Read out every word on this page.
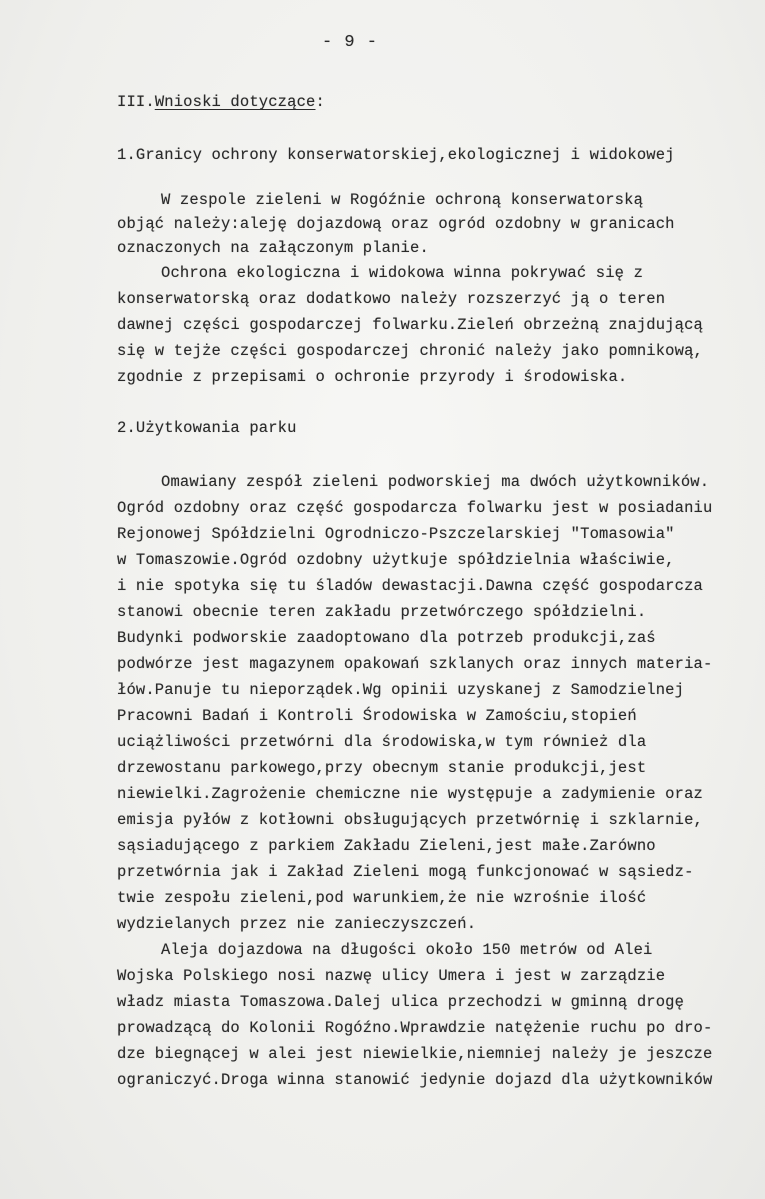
- 9 -
III.Wnioski dotyczące:
1.Granicy ochrony konserwatorskiej,ekologicznej i widokowej
W zespole zieleni w Rogóźnie ochroną konserwatorską
objąć należy:aleję dojazdową oraz ogród ozdobny w granicach
oznaczonych na załączonym planie.
Ochrona ekologiczna i widokowa winna pokrywać się z
konserwatorską oraz dodatkowo należy rozszerzyć ją o teren
dawnej części gospodarczej folwarku.Zieleń obrzeżną znajdującą
się w tejże części gospodarczej chronić należy jako pomnikową,
zgodnie z przepisami o ochronie przyrody i środowiska.
2.Użytkowania parku
Omawiany zespół zieleni podworskiej ma dwóch użytkowników.
Ogród ozdobny oraz część gospodarcza folwarku jest w posiadaniu
Rejonowej Spółdzielni Ogrodniczo-Pszczelarskiej "Tomasowia"
w Tomaszowie.Ogród ozdobny użytkuje spółdzielnia właściwie,
i nie spotyka się tu śladów dewastacji.Dawna część gospodarcza
stanowi obecnie teren zakładu przetwórczego spółdzielni.
Budynki podworskie zaadoptowano dla potrzeb produkcji,zaś
podwórze jest magazynem opakowań szklanych oraz innych materia-
łów.Panuje tu nieporządek.Wg opinii uzyskanej z Samodzielnej
Pracowni Badań i Kontroli Środowiska w Zamościu,stopień
uciążliwości przetwórni dla środowiska,w tym również dla
drzewostanu parkowego,przy obecnym stanie produkcji,jest
niewielki.Zagrożenie chemiczne nie występuje a zadymienie oraz
emisja pyłów z kotłowni obsługujących przetwórnię i szklarnie,
sąsiadującego z parkiem Zakładu Zieleni,jest małe.Zarówno
przetwórnia jak i Zakład Zieleni mogą funkcjonować w sąsiedz-
twie zespołu zieleni,pod warunkiem,że nie wzrośnie ilość
wydzielanych przez nie zanieczyszczeń.
Aleja dojazdowa na długości około 150 metrów od Alei
Wojska Polskiego nosi nazwę ulicy Umera i jest w zarządzie
władz miasta Tomaszowa.Dalej ulica przechodzi w gminną drogę
prowadzącą do Kolonii Rogóźno.Wprawdzie natężenie ruchu po dro-
dze biegnącej w alei jest niewielkie,niemniej należy je jeszcze
ograniczyć.Droga winna stanowić jedynie dojazd dla użytkowników
